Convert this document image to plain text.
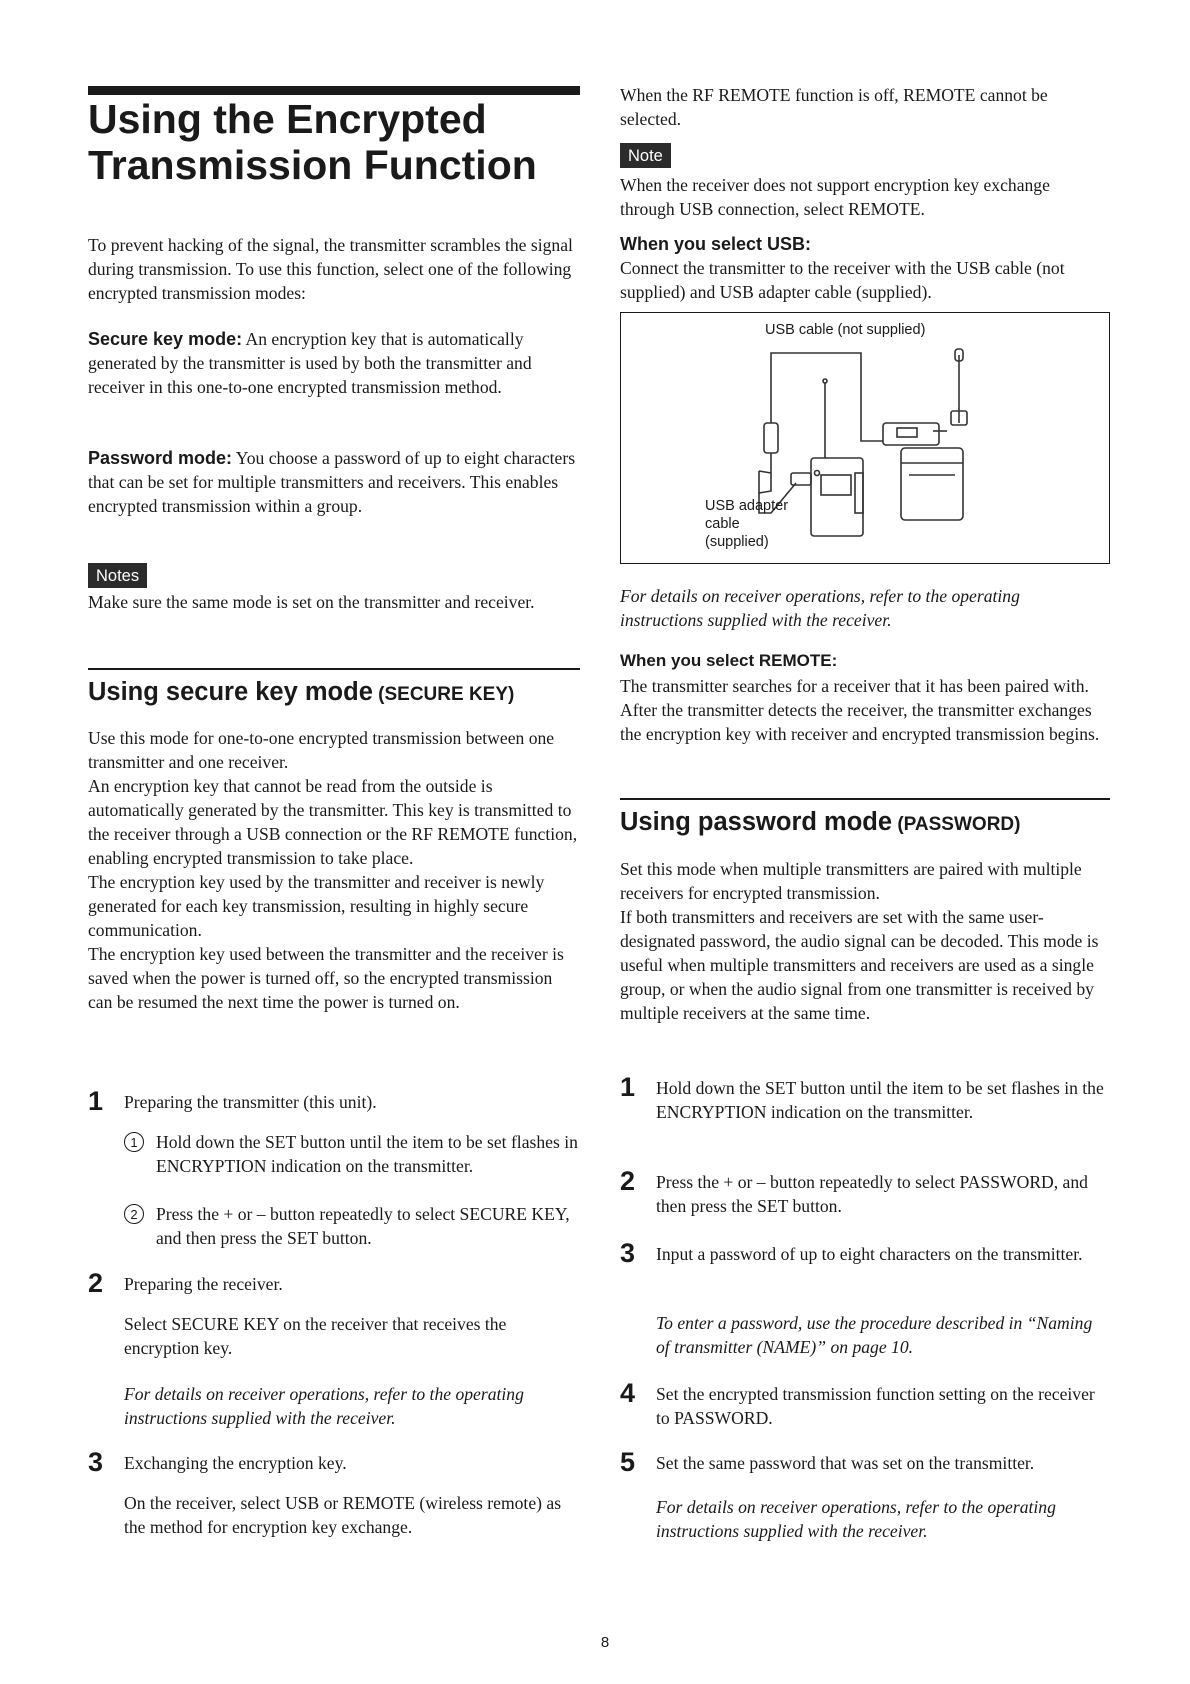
Using the Encrypted
Transmission Function

To prevent hacking of the signal, the transmitter scrambles the signal during transmission. To use this function, select one of the following encrypted transmission modes:

Secure key mode: An encryption key that is automatically generated by the transmitter is used by both the transmitter and receiver in this one-to-one encrypted transmission method.

Password mode: You choose a password of up to eight characters that can be set for multiple transmitters and receivers. This enables encrypted transmission within a group.

Notes

Make sure the same mode is set on the transmitter and receiver.

Using secure key mode (SECURE KEY)

Use this mode for one-to-one encrypted transmission between one transmitter and one receiver.

An encryption key that cannot be read from the outside is automatically generated by the transmitter. This key is transmitted to the receiver through a USB connection or the RF REMOTE function, enabling encrypted transmission to take place.

The encryption key used by the transmitter and receiver is newly generated for each key transmission, resulting in highly secure communication.

The encryption key used between the transmitter and the receiver is saved when the power is turned off, so the encrypted transmission can be resumed the next time the power is turned on.

1 Preparing the transmitter (this unit).

1	Hold down the SET button until the item to be set flashes in ENCRYPTION indication on the transmitter.

2	Press the + or – button repeatedly to select SECURE KEY, and then press the SET button.

2 Preparing the receiver.

Select SECURE KEY on the receiver that receives the encryption key.

For details on receiver operations, refer to the operating instructions supplied with the receiver.

3 Exchanging the encryption key.

On the receiver, select USB or REMOTE (wireless remote) as the method for encryption key exchange.

When the RF REMOTE function is off, REMOTE cannot be selected.

Note

When the receiver does not support encryption key exchange through USB connection, select REMOTE.

When you select USB:

Connect the transmitter to the receiver with the USB cable (not supplied) and USB adapter cable (supplied).

USB cable (not supplied)
USB adapter
cable
(supplied)

For details on receiver operations, refer to the operating instructions supplied with the receiver.

When you select REMOTE:

The transmitter searches for a receiver that it has been paired with. After the transmitter detects the receiver, the transmitter exchanges the encryption key with receiver and encrypted transmission begins.

Using password mode (PASSWORD)

Set this mode when multiple transmitters are paired with multiple receivers for encrypted transmission.

If both transmitters and receivers are set with the same user-designated password, the audio signal can be decoded. This mode is useful when multiple transmitters and receivers are used as a single group, or when the audio signal from one transmitter is received by multiple receivers at the same time.

1 Hold down the SET button until the item to be set flashes in the ENCRYPTION indication on the transmitter.

2 Press the + or – button repeatedly to select PASSWORD, and then press the SET button.

3 Input a password of up to eight characters on the transmitter.

To enter a password, use the procedure described in “Naming of transmitter (NAME)” on page 10.

4 Set the encrypted transmission function setting on the receiver to PASSWORD.

5 Set the same password that was set on the transmitter.

For details on receiver operations, refer to the operating instructions supplied with the receiver.

8
